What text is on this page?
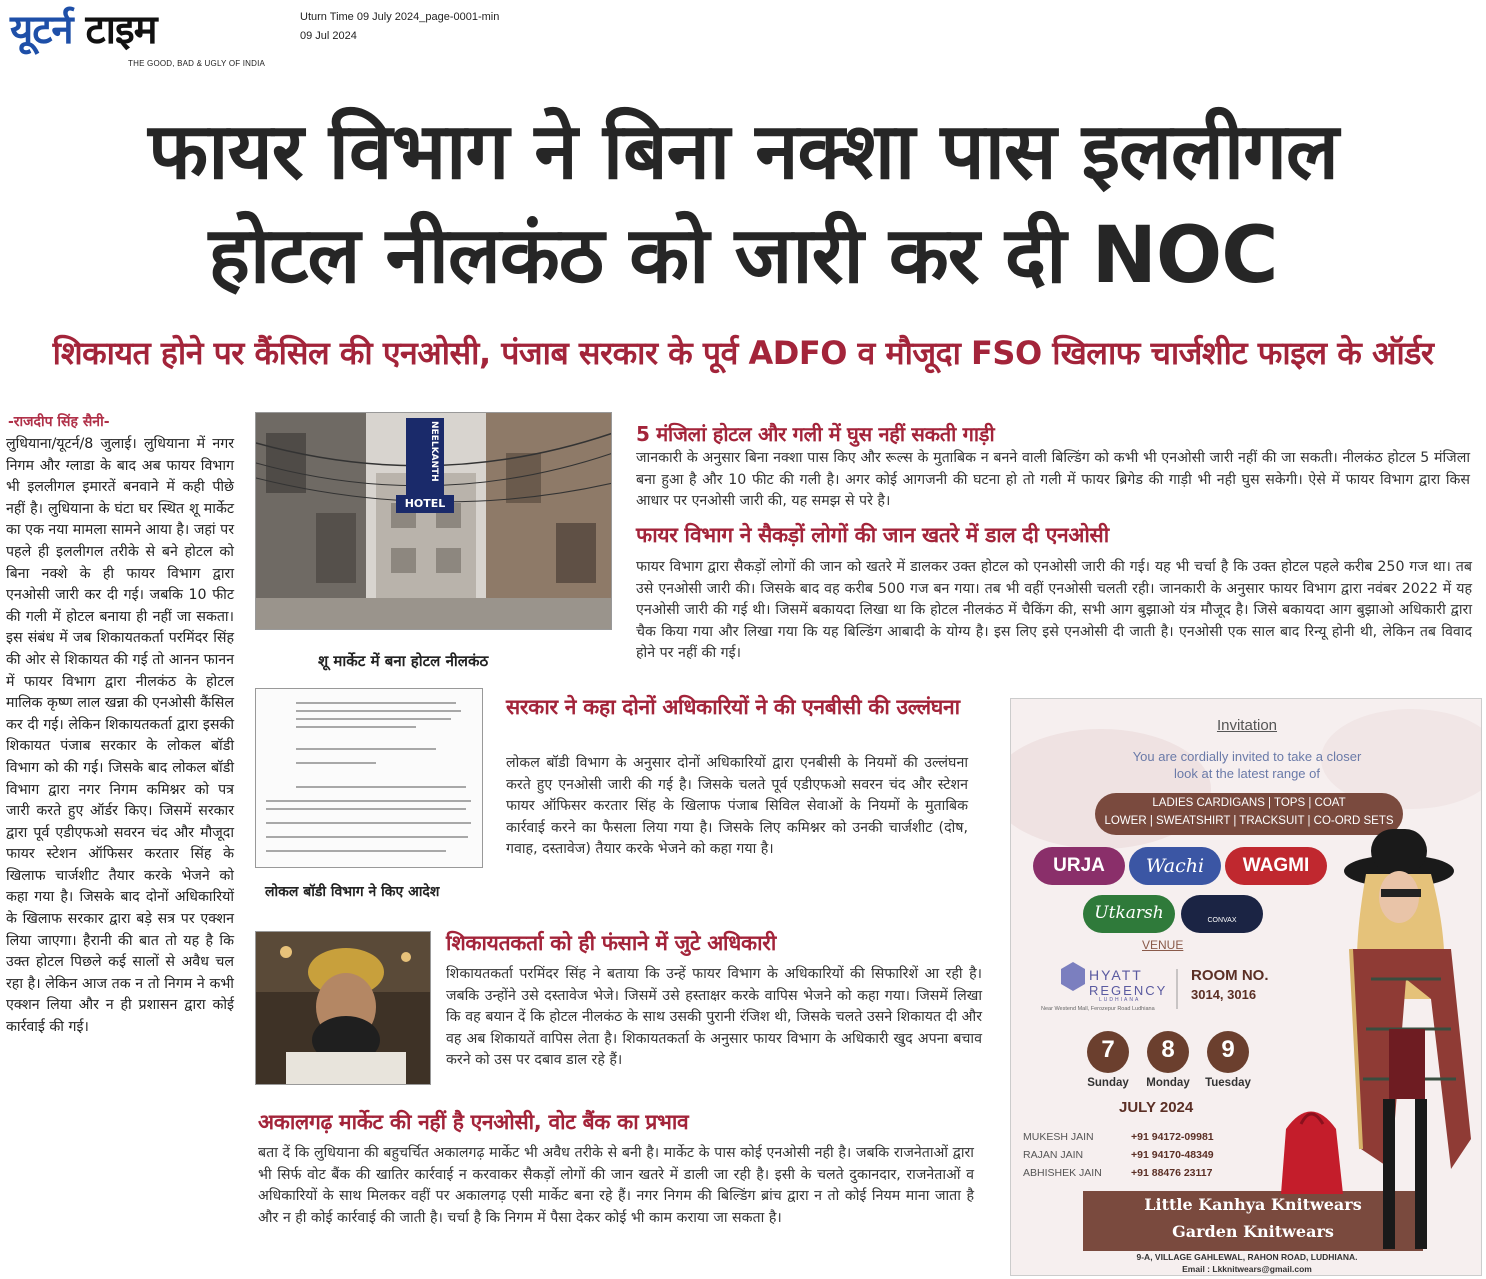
यूटर्न टाइम
THE GOOD, BAD & UGLY OF INDIA
Uturn Time 09 July 2024_page-0001-min
09 Jul 2024
फायर विभाग ने बिना नक्शा पास इललीगल
होटल नीलकंठ को जारी कर दी NOC
शिकायत होने पर कैंसिल की एनओसी, पंजाब सरकार के पूर्व ADFO व मौजूदा FSO खिलाफ चार्जशीट फाइल के ऑर्डर
-राजदीप सिंह सैनी-
लुधियाना/यूटर्न/8 जुलाई। लुधियाना में नगर निगम और ग्लाडा के बाद अब फायर विभाग भी इललीगल इमारतें बनवाने में कही पीछे नहीं है। लुधियाना के घंटा घर स्थित शू मार्केट का एक नया मामला सामने आया है। जहां पर पहले ही इललीगल तरीके से बने होटल को बिना नक्शे के ही फायर विभाग द्वारा एनओसी जारी कर दी गई। जबकि 10 फीट की गली में होटल बनाया ही नहीं जा सकता। इस संबंध में जब शिकायतकर्ता परमिंदर सिंह की ओर से शिकायत की गई तो आनन फानन में फायर विभाग द्वारा नीलकंठ के होटल मालिक कृष्ण लाल खन्ना की एनओसी कैंसिल कर दी गई। लेकिन शिकायतकर्ता द्वारा इसकी शिकायत पंजाब सरकार के लोकल बॉडी विभाग को की गई। जिसके बाद लोकल बॉडी विभाग द्वारा नगर निगम कमिश्नर को पत्र जारी करते हुए ऑर्डर किए। जिसमें सरकार द्वारा पूर्व एडीएफओ सवरन चंद और मौजूदा फायर स्टेशन ऑफिसर करतार सिंह के खिलाफ चार्जशीट तैयार करके भेजने को कहा गया है। जिसके बाद दोनों अधिकारियों के खिलाफ सरकार द्वारा बड़े सत्र पर एक्शन लिया जाएगा। हैरानी की बात तो यह है कि उक्त होटल पिछले कई सालों से अवैध चल रहा है। लेकिन आज तक न तो निगम ने कभी एक्शन लिया और न ही प्रशासन द्वारा कोई कार्रवाई की गई।
NEELKANTH
HOTEL
शू मार्केट में बना होटल नीलकंठ
लोकल बॉडी विभाग ने किए आदेश
5 मंजिलां होटल और गली में घुस नहीं सकती गाड़ी
जानकारी के अनुसार बिना नक्शा पास किए और रूल्स के मुताबिक न बनने वाली बिल्डिंग को कभी भी एनओसी जारी नहीं की जा सकती। नीलकंठ होटल 5 मंजिला बना हुआ है और 10 फीट की गली है। अगर कोई आगजनी की घटना हो तो गली में फायर ब्रिगेड की गाड़ी भी नही घुस सकेगी। ऐसे में फायर विभाग द्वारा किस आधार पर एनओसी जारी की, यह समझ से परे है।
फायर विभाग ने सैकड़ों लोगों की जान खतरे में डाल दी एनओसी
फायर विभाग द्वारा सैकड़ों लोगों की जान को खतरे में डालकर उक्त होटल को एनओसी जारी की गई। यह भी चर्चा है कि उक्त होटल पहले करीब 250 गज था। तब उसे एनओसी जारी की। जिसके बाद वह करीब 500 गज बन गया। तब भी वहीं एनओसी चलती रही। जानकारी के अनुसार फायर विभाग द्वारा नवंबर 2022 में यह एनओसी जारी की गई थी। जिसमें बकायदा लिखा था कि होटल नीलकंठ में चैकिंग की, सभी आग बुझाओ यंत्र मौजूद है। जिसे बकायदा आग बुझाओ अधिकारी द्वारा चैक किया गया और लिखा गया कि यह बिल्डिंग आबादी के योग्य है। इस लिए इसे एनओसी दी जाती है। एनओसी एक साल बाद रिन्यू होनी थी, लेकिन तब विवाद होने पर नहीं की गई।
सरकार ने कहा दोनों अधिकारियों ने की एनबीसी की उल्लंघना
लोकल बॉडी विभाग के अनुसार दोनों अधिकारियों द्वारा एनबीसी के नियमों की उल्लंघना करते हुए एनओसी जारी की गई है। जिसके चलते पूर्व एडीएफओ सवरन चंद और स्टेशन फायर ऑफिसर करतार सिंह के खिलाफ पंजाब सिविल सेवाओं के नियमों के मुताबिक कार्रवाई करने का फैसला लिया गया है। जिसके लिए कमिश्नर को उनकी चार्जशीट (दोष, गवाह, दस्तावेज) तैयार करके भेजने को कहा गया है।
शिकायतकर्ता को ही फंसाने में जुटे अधिकारी
शिकायतकर्ता परमिंदर सिंह ने बताया कि उन्हें फायर विभाग के अधिकारियों की सिफारिशें आ रही है। जबकि उन्होंने उसे दस्तावेज भेजे। जिसमें उसे हस्ताक्षर करके वापिस भेजने को कहा गया। जिसमें लिखा कि वह बयान दें कि होटल नीलकंठ के साथ उसकी पुरानी रंजिश थी, जिसके चलते उसने शिकायत दी और वह अब शिकायतें वापिस लेता है। शिकायतकर्ता के अनुसार फायर विभाग के अधिकारी खुद अपना बचाव करने को उस पर दबाव डाल रहे हैं।
अकालगढ़ मार्केट की नहीं है एनओसी, वोट बैंक का प्रभाव
बता दें कि लुधियाना की बहुचर्चित अकालगढ़ मार्केट भी अवैध तरीके से बनी है। मार्केट के पास कोई एनओसी नही है। जबकि राजनेताओं द्वारा भी सिर्फ वोट बैंक की खातिर कार्रवाई न करवाकर सैकड़ों लोगों की जान खतरे में डाली जा रही है। इसी के चलते दुकानदार, राजनेताओं व अधिकारियों के साथ मिलकर वहीं पर अकालगढ़ एसी मार्केट बना रहे हैं। नगर निगम की बिल्डिंग ब्रांच द्वारा न तो कोई नियम माना जाता है और न ही कोई कार्रवाई की जाती है। चर्चा है कि निगम में पैसा देकर कोई भी काम कराया जा सकता है।
Invitation
You are cordially invited to take a closer
look at the latest range of
LADIES CARDIGANS | TOPS | COAT
LOWER | SWEATSHIRT | TRACKSUIT | CO-ORD SETS
URJA	Wachi	WAGMI
Utkarsh	CONVAX
VENUE
HYATT
REGENCY
LUDHIANA
Near Westend Mall, Ferozepur Road Ludhiana
ROOM NO.
3014, 3016
7	8	9
Sunday	Monday	Tuesday
JULY 2024
MUKESH JAIN	+91 94172-09981
RAJAN JAIN	+91 94170-48349
ABHISHEK JAIN	+91 88476 23117
Little Kanhya Knitwears
Garden Knitwears
9-A, VILLAGE GAHLEWAL, RAHON ROAD, LUDHIANA.
Email : Lkknitwears@gmail.com
